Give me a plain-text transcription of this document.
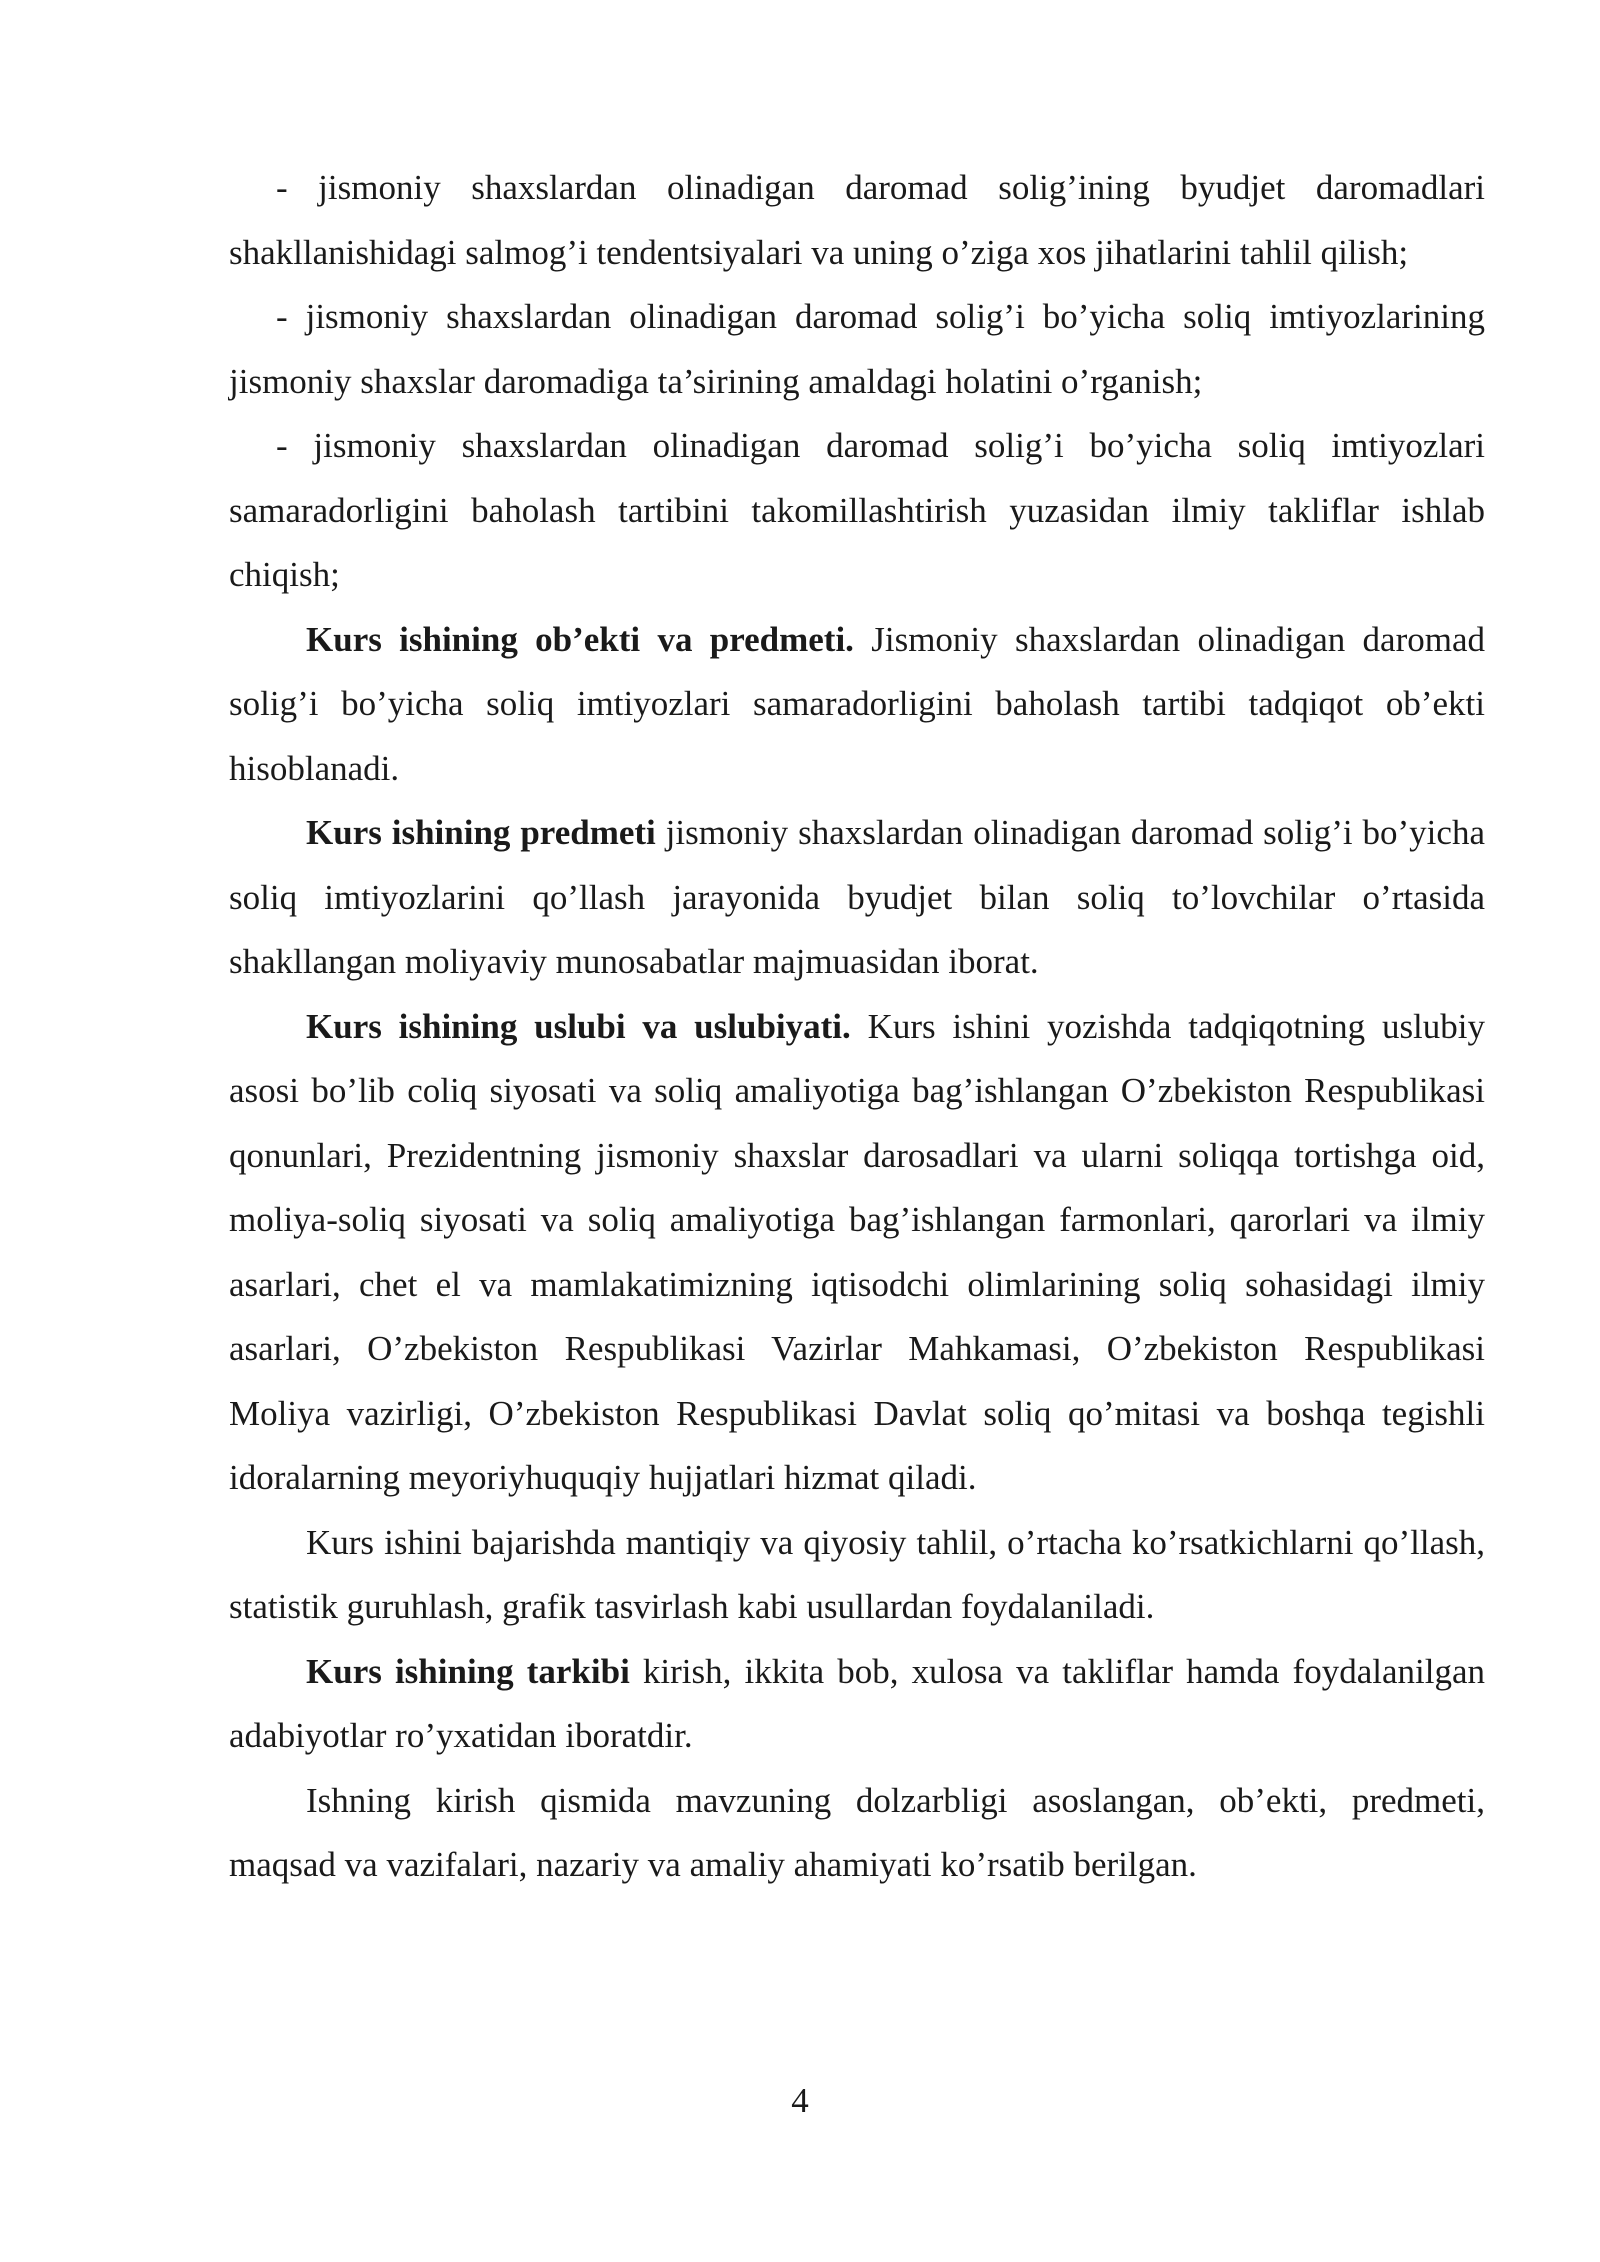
- jismoniy shaxslardan olinadigan daromad solig’ining byudjet daromadlari shakllanishidagi salmog’i tendentsiyalari va uning o’ziga xos jihatlarini tahlil qilish;

- jismoniy shaxslardan olinadigan daromad solig’i bo’yicha soliq imtiyozlarining jismoniy shaxslar daromadiga ta’sirining amaldagi holatini o’rganish;

- jismoniy shaxslardan olinadigan daromad solig’i bo’yicha soliq imtiyozlari samaradorligini baholash tartibini takomillashtirish yuzasidan ilmiy takliflar ishlab chiqish;

Kurs ishining ob’ekti va predmeti. Jismoniy shaxslardan olinadigan daromad solig’i bo’yicha soliq imtiyozlari samaradorligini baholash tartibi tadqiqot ob’ekti hisoblanadi.

Kurs ishining predmeti jismoniy shaxslardan olinadigan daromad solig’i bo’yicha soliq imtiyozlarini qo’llash jarayonida byudjet bilan soliq to’lovchilar o’rtasida shakllangan moliyaviy munosabatlar majmuasidan iborat.

Kurs ishining uslubi va uslubiyati. Kurs ishini yozishda tadqiqotning uslubiy asosi bo’lib coliq siyosati va soliq amaliyotiga bag’ishlangan O’zbekiston Respublikasi qonunlari, Prezidentning jismoniy shaxslar darosadlari va ularni soliqqa tortishga oid, moliya-soliq siyosati va soliq amaliyotiga bag’ishlangan farmonlari, qarorlari va ilmiy asarlari, chet el va mamlakatimizning iqtisodchi olimlarining soliq sohasidagi ilmiy asarlari, O’zbekiston Respublikasi Vazirlar Mahkamasi, O’zbekiston Respublikasi Moliya vazirligi, O’zbekiston Respublikasi Davlat soliq qo’mitasi va boshqa tegishli idoralarning meyoriyhuquqiy hujjatlari hizmat qiladi.

Kurs ishini bajarishda mantiqiy va qiyosiy tahlil, o’rtacha ko’rsatkichlarni qo’llash, statistik guruhlash, grafik tasvirlash kabi usullardan foydalaniladi.

Kurs ishining tarkibi kirish, ikkita bob, xulosa va takliflar hamda foydalanilgan adabiyotlar ro’yxatidan iboratdir.

Ishning kirish qismida mavzuning dolzarbligi asoslangan, ob’ekti, predmeti, maqsad va vazifalari, nazariy va amaliy ahamiyati ko’rsatib berilgan.

4
